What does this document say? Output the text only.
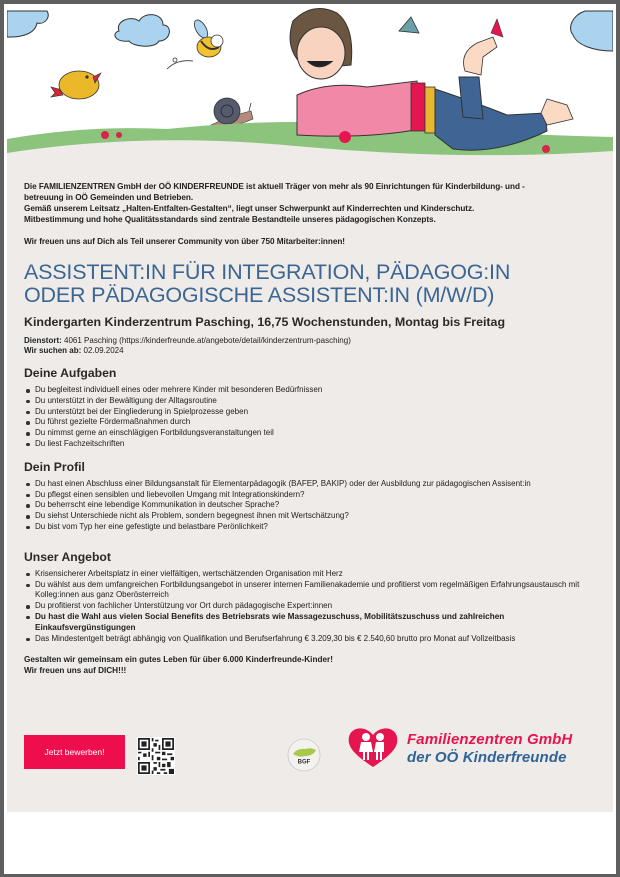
Die FAMILIENZENTREN GmbH der OÖ KINDERFREUNDE ist aktuell Träger von mehr als 90 Einrichtungen für Kinderbildung- und -

betreuung in OÖ Gemeinden und Betrieben.

Gemäß unserem Leitsatz „Halten-Entfalten-Gestalten“, liegt unser Schwerpunkt auf Kinderrechten und Kinderschutz.

Mitbestimmung und hohe Qualitätsstandards sind zentrale Bestandteile unseres pädagogischen Konzepts.

Wir freuen uns auf Dich als Teil unserer Community von über 750 Mitarbeiter:innen!

ASSISTENT:IN FÜR INTEGRATION, PÄDAGOG:IN
ODER PÄDAGOGISCHE ASSISTENT:IN (M/W/D)
Kindergarten Kinderzentrum Pasching, 16,75 Wochenstunden, Montag bis Freitag
Dienstort: 4061 Pasching (https://kinderfreunde.at/angebote/detail/kinderzentrum-pasching)
Wir suchen ab: 02.09.2024
Deine Aufgaben
Du begleitest individuell eines oder mehrere Kinder mit besonderen Bedürfnissen
Du unterstützt in der Bewältigung der Alltagsroutine
Du unterstützt bei der Eingliederung in Spielprozesse geben
Du führst gezielte Fördermaßnahmen durch
Du nimmst gerne an einschlägigen Fortbildungsveranstaltungen teil
Du liest Fachzeitschriften
Dein Profil
Du hast einen Abschluss einer Bildungsanstalt für Elementarpädagogik (BAFEP, BAKIP) oder der Ausbildung zur pädagogischen Assisent:in
Du pflegst einen sensiblen und liebevollen Umgang mit Integrationskindern?
Du beherrscht eine lebendige Kommunikation in deutscher Sprache?
Du siehst Unterschiede nicht als Problem, sondern begegnest ihnen mit Wertschätzung?
Du bist vom Typ her eine gefestigte und belastbare Perönlichkeit?
Unser Angebot
Krisensicherer Arbeitsplatz in einer vielfältigen, wertschätzenden Organisation mit Herz
Du wählst aus dem umfangreichen Fortbildungsangebot in unserer internen Familienakademie und profitierst vom regelmäßigen Erfahrungsaustausch mit Kolleg:innen aus ganz Oberösterreich
Du profitierst von fachlicher Unterstützung vor Ort durch pädagogische Expert:innen
Du hast die Wahl aus vielen Social Benefits des Betriebsrats wie Massagezuschuss, Mobilitätszuschuss und zahlreichen Einkaufsvergünstigungen
Das Mindestentgelt beträgt abhängig von Qualifikation und Berufserfahrung € 3.209,30 bis € 2.540,60 brutto pro Monat auf Vollzeitbasis

Gestalten wir gemeinsam ein gutes Leben für über 6.000 Kinderfreunde-Kinder!

Wir freuen uns auf DICH!!!

Jetzt bewerben!
BGF
Familienzentren GmbH
der OÖ Kinderfreunde
